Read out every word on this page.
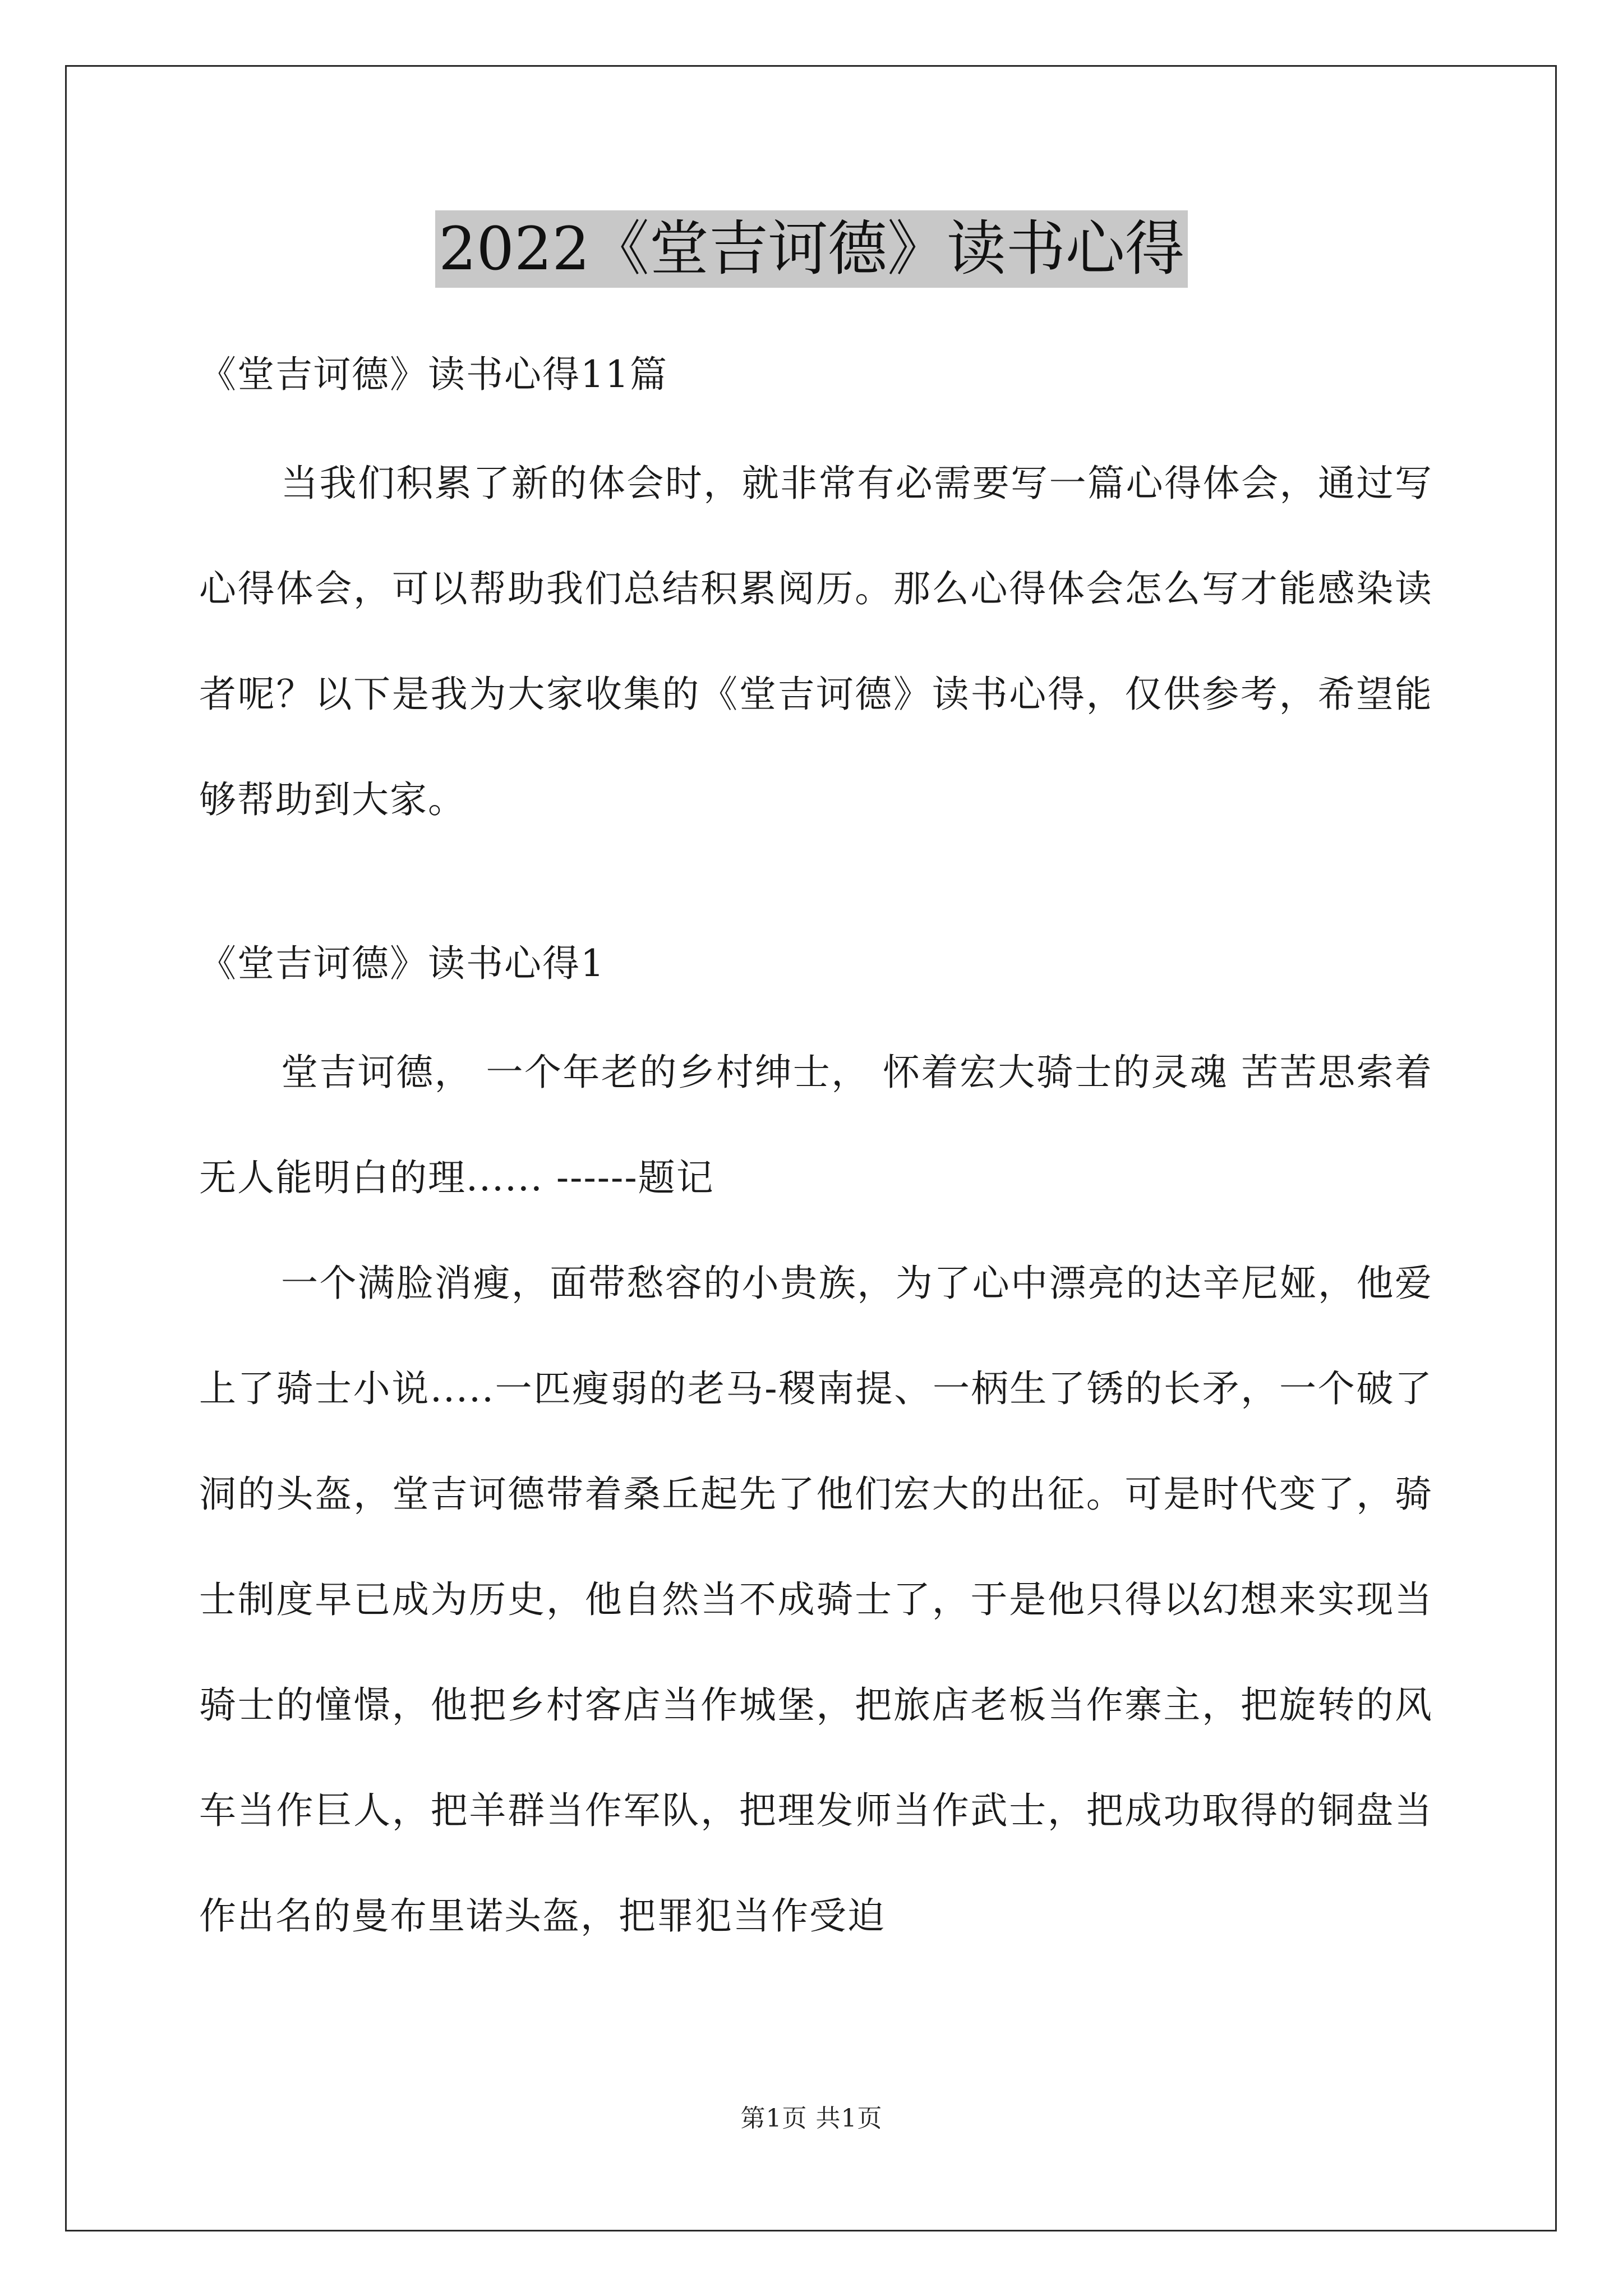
2022《堂吉诃德》读书心得
《堂吉诃德》读书心得11篇
当我们积累了新的体会时，就非常有必需要写一篇心得体会，通过写心得体会，可以帮助我们总结积累阅历。那么心得体会怎么写才能感染读者呢？以下是我为大家收集的《堂吉诃德》读书心得，仅供参考，希望能够帮助到大家。
《堂吉诃德》读书心得1
堂吉诃德， 一个年老的乡村绅士， 怀着宏大骑士的灵魂 苦苦思索着无人能明白的理...... ------题记
一个满脸消瘦，面带愁容的小贵族，为了心中漂亮的达辛尼娅，他爱上了骑士小说.....一匹瘦弱的老马-稷南提、一柄生了锈的长矛，一个破了洞的头盔，堂吉诃德带着桑丘起先了他们宏大的出征。可是时代变了，骑士制度早已成为历史，他自然当不成骑士了，于是他只得以幻想来实现当骑士的憧憬，他把乡村客店当作城堡，把旅店老板当作寨主，把旋转的风车当作巨人，把羊群当作军队，把理发师当作武士，把成功取得的铜盘当作出名的曼布里诺头盔，把罪犯当作受迫
第1页 共1页
